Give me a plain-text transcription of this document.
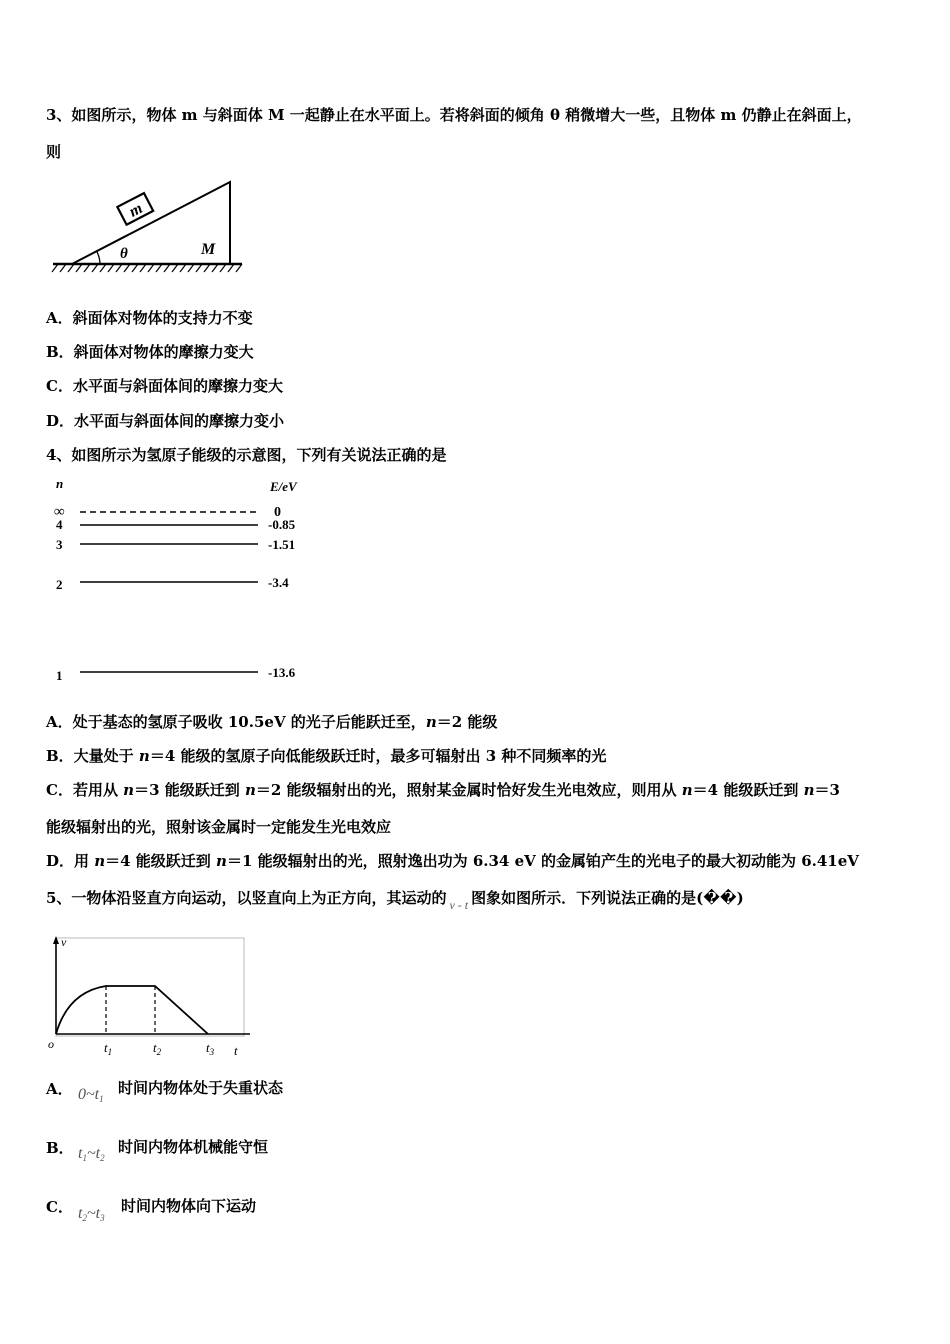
3、如图所示，物体 m 与斜面体 M 一起静止在水平面上。若将斜面的倾角 θ 稍微增大一些，且物体 m 仍静止在斜面上，
则
m
θ	M
A．斜面体对物体的支持力不变
B．斜面体对物体的摩擦力变大
C．水平面与斜面体间的摩擦力变大
D．水平面与斜面体间的摩擦力变小
4、如图所示为氢原子能级的示意图，下列有关说法正确的是
n	E/eV
∞	0
4	-0.85
3	-1.51
2	-3.4
1	-13.6
A．处于基态的氢原子吸收 10.5eV 的光子后能跃迁至，n＝2 能级
B．大量处于 n＝4 能级的氢原子向低能级跃迁时，最多可辐射出 3 种不同频率的光
C．若用从 n＝3 能级跃迁到 n＝2 能级辐射出的光，照射某金属时恰好发生光电效应，则用从 n＝4 能级跃迁到 n＝3
能级辐射出的光，照射该金属时一定能发生光电效应
D．用 n＝4 能级跃迁到 n＝1 能级辐射出的光，照射逸出功为 6.34 eV 的金属铂产生的光电子的最大初动能为 6.41eV
5、一物体沿竖直方向运动，以竖直向上为正方向，其运动的 $_{v - t}$ 图象如图所示．下列说法正确的是(��)
v
t
o	$t_1$	$t_2$	$t_3$
A． $0\sim t_1$
时间内物体处于失重状态
B． $t_1\sim t_2$
时间内物体机械能守恒
C． $t_2\sim t_3$
时间内物体向下运动
